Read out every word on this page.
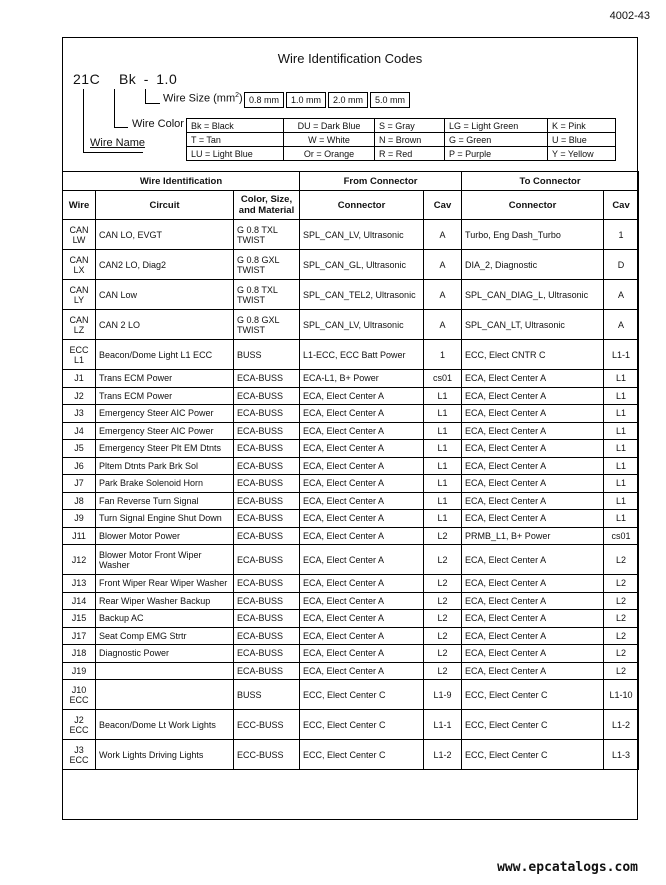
4002-43
Wire Identification Codes
21C Bk - 1.0
Wire Size $(mm^2)$ 0.8 mm	1.0 mm	2.0 mm	5.0 mm
Wire Color
Wire Name
Bk = Black	DU = Dark Blue	S = Gray	LG = Light Green	K = Pink
T = Tan	W = White	N = Brown	G = Green	U = Blue
LU = Light Blue	Or = Orange	R = Red	P = Purple	Y = Yellow
Wire Identification			From Connector		To Connector	
Wire	Circuit	Color, Size, and Material	Connector	Cav	Connector	Cav
CAN LW	CAN LO, EVGT	G 0.8 TXL TWIST	SPL_CAN_LV, Ultrasonic	A	Turbo, Eng Dash_Turbo	1
CAN LX	CAN2 LO, Diag2	G 0.8 GXL TWIST	SPL_CAN_GL, Ultrasonic	A	DIA_2, Diagnostic	D
CAN LY	CAN Low	G 0.8 TXL TWIST	SPL_CAN_TEL2, Ultrasonic	A	SPL_CAN_DIAG_L, Ultrasonic	A
CAN LZ	CAN 2 LO	G 0.8 GXL TWIST	SPL_CAN_LV, Ultrasonic	A	SPL_CAN_LT, Ultrasonic	A
ECC L1	Beacon/Dome Light L1 ECC	BUSS	L1-ECC, ECC Batt Power	1	ECC, Elect CNTR C	L1-1
J1	Trans ECM Power	ECA-BUSS	ECA-L1, B+ Power	cs01	ECA, Elect Center A	L1
J2	Trans ECM Power	ECA-BUSS	ECA, Elect Center A	L1	ECA, Elect Center A	L1
J3	Emergency Steer AIC Power	ECA-BUSS	ECA, Elect Center A	L1	ECA, Elect Center A	L1
J4	Emergency Steer AIC Power	ECA-BUSS	ECA, Elect Center A	L1	ECA, Elect Center A	L1
J5	Emergency Steer Plt EM Dtnts	ECA-BUSS	ECA, Elect Center A	L1	ECA, Elect Center A	L1
J6	Pltem Dtnts Park Brk Sol	ECA-BUSS	ECA, Elect Center A	L1	ECA, Elect Center A	L1
J7	Park Brake Solenoid Horn	ECA-BUSS	ECA, Elect Center A	L1	ECA, Elect Center A	L1
J8	Fan Reverse Turn Signal	ECA-BUSS	ECA, Elect Center A	L1	ECA, Elect Center A	L1
J9	Turn Signal Engine Shut Down	ECA-BUSS	ECA, Elect Center A	L1	ECA, Elect Center A	L1
J11	Blower Motor Power	ECA-BUSS	ECA, Elect Center A	L2	PRMB_L1, B+ Power	cs01
J12	Blower Motor Front Wiper Washer	ECA-BUSS	ECA, Elect Center A	L2	ECA, Elect Center A	L2
J13	Front Wiper Rear Wiper Washer	ECA-BUSS	ECA, Elect Center A	L2	ECA, Elect Center A	L2
J14	Rear Wiper Washer Backup	ECA-BUSS	ECA, Elect Center A	L2	ECA, Elect Center A	L2
J15	Backup AC	ECA-BUSS	ECA, Elect Center A	L2	ECA, Elect Center A	L2
J17	Seat Comp EMG Strtr	ECA-BUSS	ECA, Elect Center A	L2	ECA, Elect Center A	L2
J18	Diagnostic Power	ECA-BUSS	ECA, Elect Center A	L2	ECA, Elect Center A	L2
J19		ECA-BUSS	ECA, Elect Center A	L2	ECA, Elect Center A	L2
J10 ECC		BUSS	ECC, Elect Center C	L1-9	ECC, Elect Center C	L1-10
J2 ECC	Beacon/Dome Lt Work Lights	ECC-BUSS	ECC, Elect Center C	L1-1	ECC, Elect Center C	L1-2
J3 ECC	Work Lights Driving Lights	ECC-BUSS	ECC, Elect Center C	L1-2	ECC, Elect Center C	L1-3
www.epcatalogs.com
